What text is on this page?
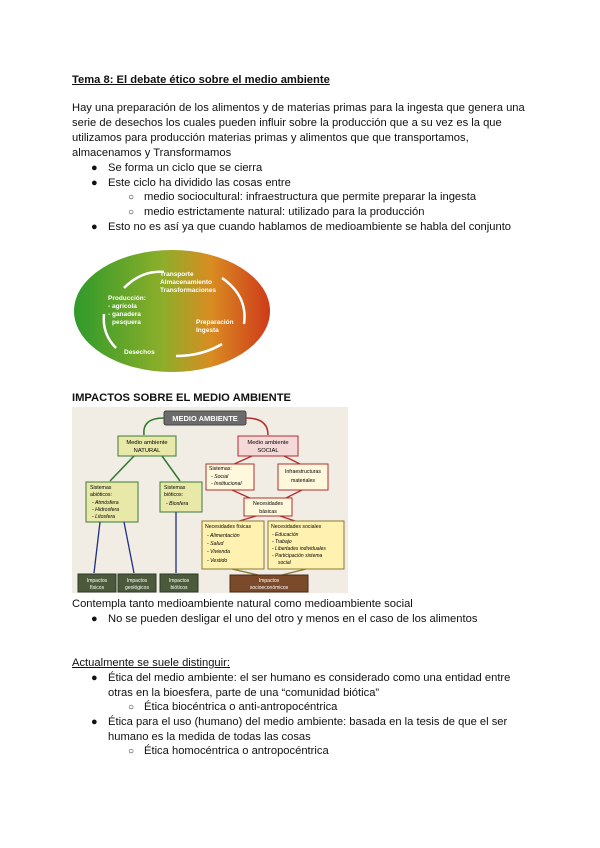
Tema 8: El debate ético sobre el medio ambiente
Hay una preparación de los alimentos y de materias primas para la ingesta que genera una
serie de desechos los cuales pueden influir sobre la producción que a su vez es la que
utilizamos para producción materias primas y alimentos que que transportamos,
almacenamos y Transformamos
● Se forma un ciclo que se cierra
● Este ciclo ha dividido las cosas entre
○ medio sociocultural: infraestructura que permite preparar la ingesta
○ medio estrictamente natural: utilizado para la producción
● Esto no es así ya que cuando hablamos de medioambiente se habla del conjunto
Transporte
Almacenamiento
Transformaciones
Producción:
- agrícola
- ganadera
pesquera	Preparación
Ingesta
Desechos
IMPACTOS SOBRE EL MEDIO AMBIENTE
MEDIO AMBIENTE
Medio ambiente
NATURAL
Medio ambiente
SOCIAL
Sistemas
abióticos:
- Atmósfera
- Hidrosfera
- Litosfera
Sistemas
bióticos:
- Biosfera
Sistemas:
- Social
- Institucional
Infraestructuras
materiales
Necesidades
básicas
Necesidades físicas
- Alimentación
- Salud
- Vivienda
- Vestido
Necesidades sociales
- Educación
- Trabajo
- Libertades individuales
- Participación sistema
social
Impactos
físicos
Impactos
geológicos
Impactos
bióticos
Impactos
socioeconómicos
Contempla tanto medioambiente natural como medioambiente social
● No se pueden desligar el uno del otro y menos en el caso de los alimentos
Actualmente se suele distinguir:
● Ética del medio ambiente: el ser humano es considerado como una entidad entre
otras en la bioesfera, parte de una “comunidad biótica”
○ Ética biocéntrica o anti-antropocéntrica
● Ética para el uso (humano) del medio ambiente: basada en la tesis de que el ser
humano es la medida de todas las cosas
○ Ética homocéntrica o antropocéntrica
